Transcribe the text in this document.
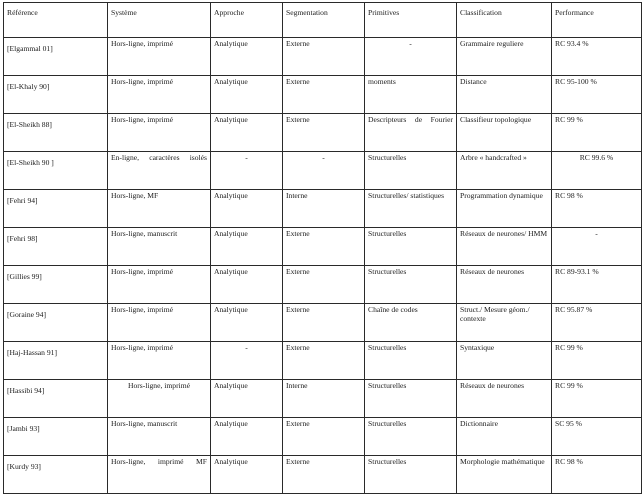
Référence	Système	Approche	Segmentation	Primitives	Classification	Performance
[Elgammal 01]	Hors-ligne, imprimé	Analytique	Externe	-	Grammaire reguliere	RC 93.4 %
[El-Khaly 90]	Hors-ligne, imprimé	Analytique	Externe	moments	Distance	RC 95-100 %
[El-Sheikh 88]	Hors-ligne, imprimé	Analytique	Externe	Descripteurs de Fourier	Classifieur topologique	RC 99 %
[El-Sheikh 90 ]	En-ligne, caractères isolés	-	-	Structurelles	Arbre « handcrafted »	RC 99.6 %
[Fehri 94]	Hors-ligne, MF	Analytique	Interne	Structurelles/ statistiques	Programmation dynamique	RC 98 %
[Fehri 98]	Hors-ligne, manuscrit	Analytique	Externe	Structurelles	Réseaux de neurones/ HMM	-
[Gillies 99]	Hors-ligne, imprimé	Analytique	Externe	Structurelles	Réseaux de neurones	RC 89-93.1 %
[Goraine 94]	Hors-ligne, imprimé	Analytique	Externe	Chaîne de codes	Struct./ Mesure géom./ contexte	RC 95.87 %
[Haj-Hassan 91]	Hors-ligne, imprimé	-	Externe	Structurelles	Syntaxique	RC 99 %
[Hassibi 94]	Hors-ligne, imprimé	Analytique	Interne	Structurelles	Réseaux de neurones	RC 99 %
[Jambi 93]	Hors-ligne, manuscrit	Analytique	Externe	Structurelles	Dictionnaire	SC 95 %
[Kurdy 93]	Hors-ligne, imprimé MF	Analytique	Externe	Structurelles	Morphologie mathématique	RC 98 %
